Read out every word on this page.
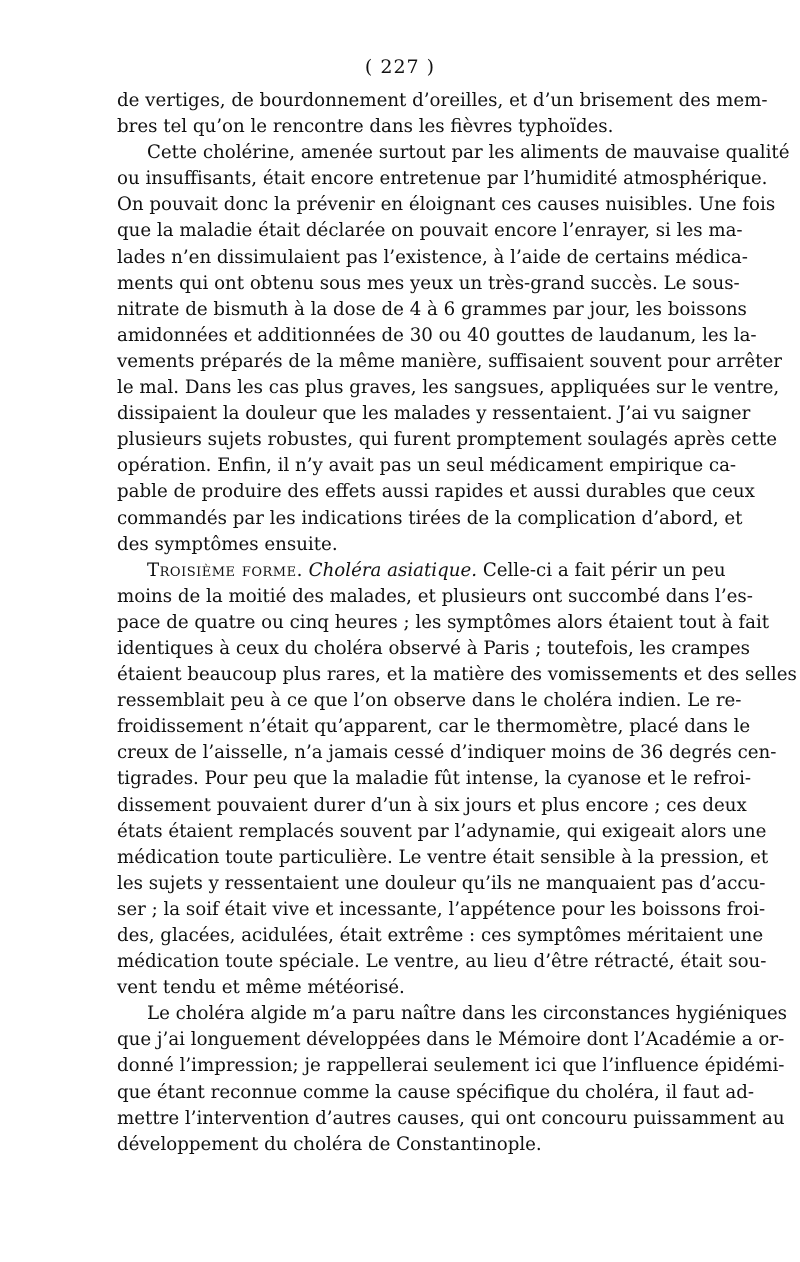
( 227 )
de vertiges, de bourdonnement d’oreilles, et d’un brisement des mem-
bres tel qu’on le rencontre dans les fièvres typhoïdes.
Cette cholérine, amenée surtout par les aliments de mauvaise qualité
ou insuffisants, était encore entretenue par l’humidité atmosphérique.
On pouvait donc la prévenir en éloignant ces causes nuisibles. Une fois
que la maladie était déclarée on pouvait encore l’enrayer, si les ma-
lades n’en dissimulaient pas l’existence, à l’aide de certains médica-
ments qui ont obtenu sous mes yeux un très-grand succès. Le sous-
nitrate de bismuth à la dose de 4 à 6 grammes par jour, les boissons
amidonnées et additionnées de 30 ou 40 gouttes de laudanum, les la-
vements préparés de la même manière, suffisaient souvent pour arrêter
le mal. Dans les cas plus graves, les sangsues, appliquées sur le ventre,
dissipaient la douleur que les malades y ressentaient. J’ai vu saigner
plusieurs sujets robustes, qui furent promptement soulagés après cette
opération. Enfin, il n’y avait pas un seul médicament empirique ca-
pable de produire des effets aussi rapides et aussi durables que ceux
commandés par les indications tirées de la complication d’abord, et
des symptômes ensuite.
Troisième forme. Choléra asiatique. Celle-ci a fait périr un peu
moins de la moitié des malades, et plusieurs ont succombé dans l’es-
pace de quatre ou cinq heures ; les symptômes alors étaient tout à fait
identiques à ceux du choléra observé à Paris ; toutefois, les crampes
étaient beaucoup plus rares, et la matière des vomissements et des selles
ressemblait peu à ce que l’on observe dans le choléra indien. Le re-
froidissement n’était qu’apparent, car le thermomètre, placé dans le
creux de l’aisselle, n’a jamais cessé d’indiquer moins de 36 degrés cen-
tigrades. Pour peu que la maladie fût intense, la cyanose et le refroi-
dissement pouvaient durer d’un à six jours et plus encore ; ces deux
états étaient remplacés souvent par l’adynamie, qui exigeait alors une
médication toute particulière. Le ventre était sensible à la pression, et
les sujets y ressentaient une douleur qu’ils ne manquaient pas d’accu-
ser ; la soif était vive et incessante, l’appétence pour les boissons froi-
des, glacées, acidulées, était extrême : ces symptômes méritaient une
médication toute spéciale. Le ventre, au lieu d’être rétracté, était sou-
vent tendu et même météorisé.
Le choléra algide m’a paru naître dans les circonstances hygiéniques
que j’ai longuement développées dans le Mémoire dont l’Académie a or-
donné l’impression; je rappellerai seulement ici que l’influence épidémi-
que étant reconnue comme la cause spécifique du choléra, il faut ad-
mettre l’intervention d’autres causes, qui ont concouru puissamment au
développement du choléra de Constantinople.
